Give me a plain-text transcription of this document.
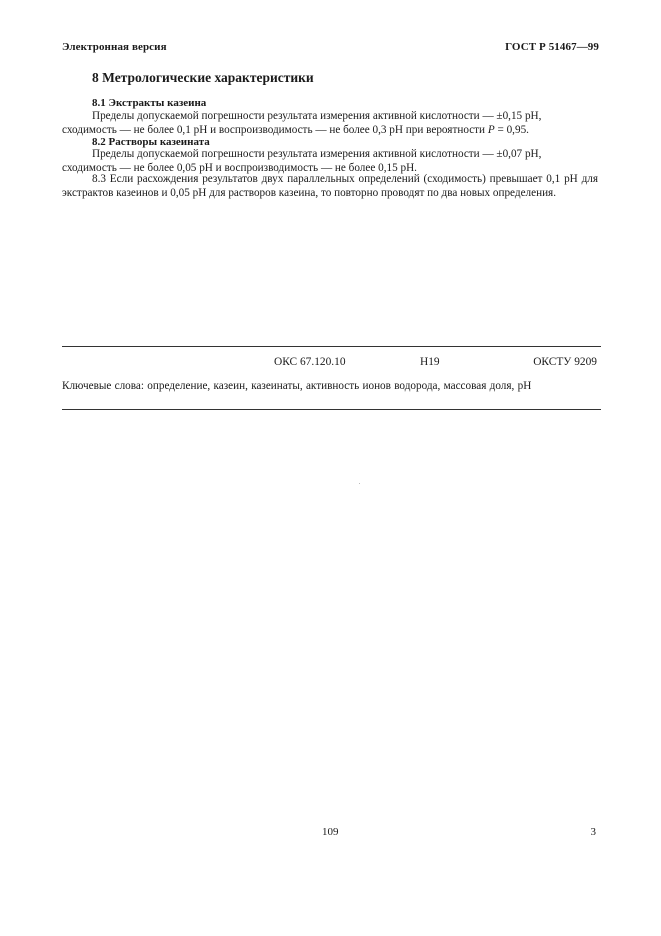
Электронная версия	ГОСТ Р 51467—99
8 Метрологические характеристики
8.1 Экстракты казеина
Пределы допускаемой погрешности результата измерения активной кислотности — ±0,15 pH,
сходимость — не более 0,1 pH и воспроизводимость — не более 0,3 pH при вероятности P = 0,95.
8.2 Растворы казеината
Пределы допускаемой погрешности результата измерения активной кислотности — ±0,07 pH,
сходимость — не более 0,05 pH и воспроизводимость — не более 0,15 pH.
8.3 Если расхождения результатов двух параллельных определений (сходимость) превышает 0,1 pH для экстрактов казеинов и 0,05 pH для растворов казеина, то повторно проводят по два новых определения.
ОКС 67.120.10	Н19	ОКСТУ 9209
Ключевые слова: определение, казеин, казеинаты, активность ионов водорода, массовая доля, pH
109	3
